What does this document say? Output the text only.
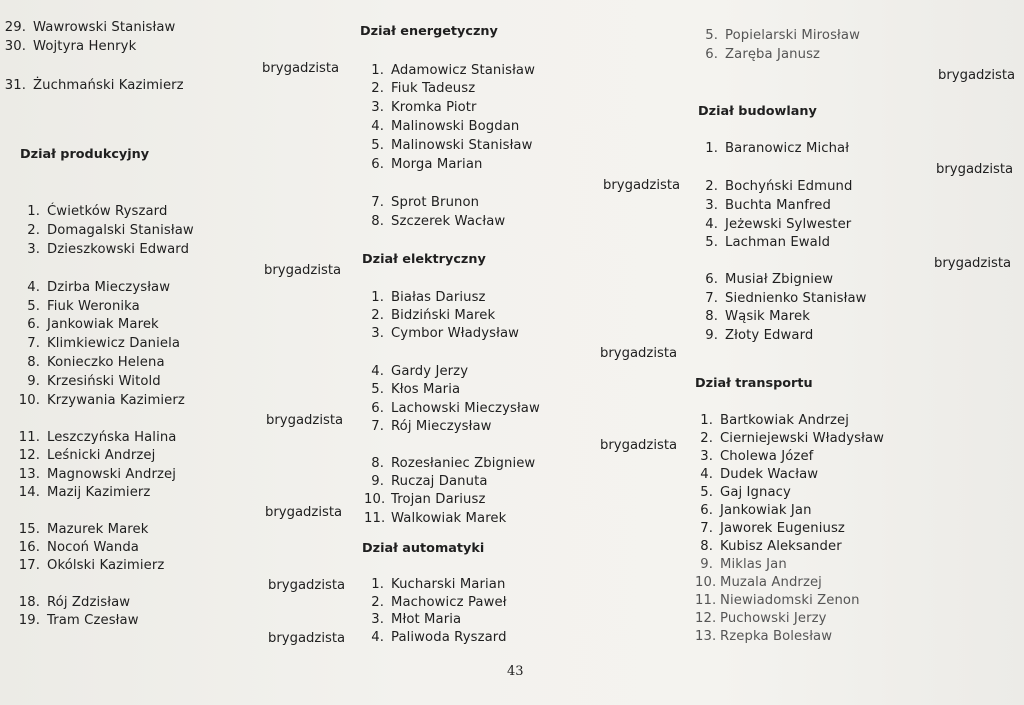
29. Wawrowski Stanisław
30. Wojtyra Henryk
31. Żuchmański Kazimierz
Dział produkcyjny
1. Ćwietków Ryszard
2. Domagalski Stanisław
3. Dzieszkowski Edward
4. Dzirba Mieczysław
5. Fiuk Weronika
6. Jankowiak Marek
7. Klimkiewicz Daniela
8. Konieczko Helena
9. Krzesiński Witold
10. Krzywania Kazimierz
11. Leszczyńska Halina
12. Leśnicki Andrzej
13. Magnowski Andrzej
14. Mazij Kazimierz
15. Mazurek Marek
16. Nocoń Wanda
17. Okólski Kazimierz
18. Rój Zdzisław
19. Tram Czesław
brygadzista
brygadzista
brygadzista
brygadzista
brygadzista
brygadzista
Dział energetyczny
1. Adamowicz Stanisław
2. Fiuk Tadeusz
3. Kromka Piotr
4. Malinowski Bogdan
5. Malinowski Stanisław
6. Morga Marian
7. Sprot Brunon
8. Szczerek Wacław
Dział elektryczny
1. Białas Dariusz
2. Bidziński Marek
3. Cymbor Władysław
4. Gardy Jerzy
5. Kłos Maria
6. Lachowski Mieczysław
7. Rój Mieczysław
8. Rozesłaniec Zbigniew
9. Ruczaj Danuta
10. Trojan Dariusz
11. Walkowiak Marek
Dział automatyki
1. Kucharski Marian
2. Machowicz Paweł
3. Młot Maria
4. Paliwoda Ryszard
brygadzista
brygadzista
brygadzista
5. Popielarski Mirosław
6. Zaręba Janusz
brygadzista
Dział budowlany
1. Baranowicz Michał
brygadzista
2. Bochyński Edmund
3. Buchta Manfred
4. Jeżewski Sylwester
5. Lachman Ewald
brygadzista
6. Musiał Zbigniew
7. Siednienko Stanisław
8. Wąsik Marek
9. Złoty Edward
Dział transportu
1. Bartkowiak Andrzej
2. Cierniejewski Władysław
3. Cholewa Józef
4. Dudek Wacław
5. Gaj Ignacy
6. Jankowiak Jan
7. Jaworek Eugeniusz
8. Kubisz Aleksander
9. Miklas Jan
10. Muzala Andrzej
11. Niewiadomski Zenon
12. Puchowski Jerzy
13. Rzepka Bolesław
43
